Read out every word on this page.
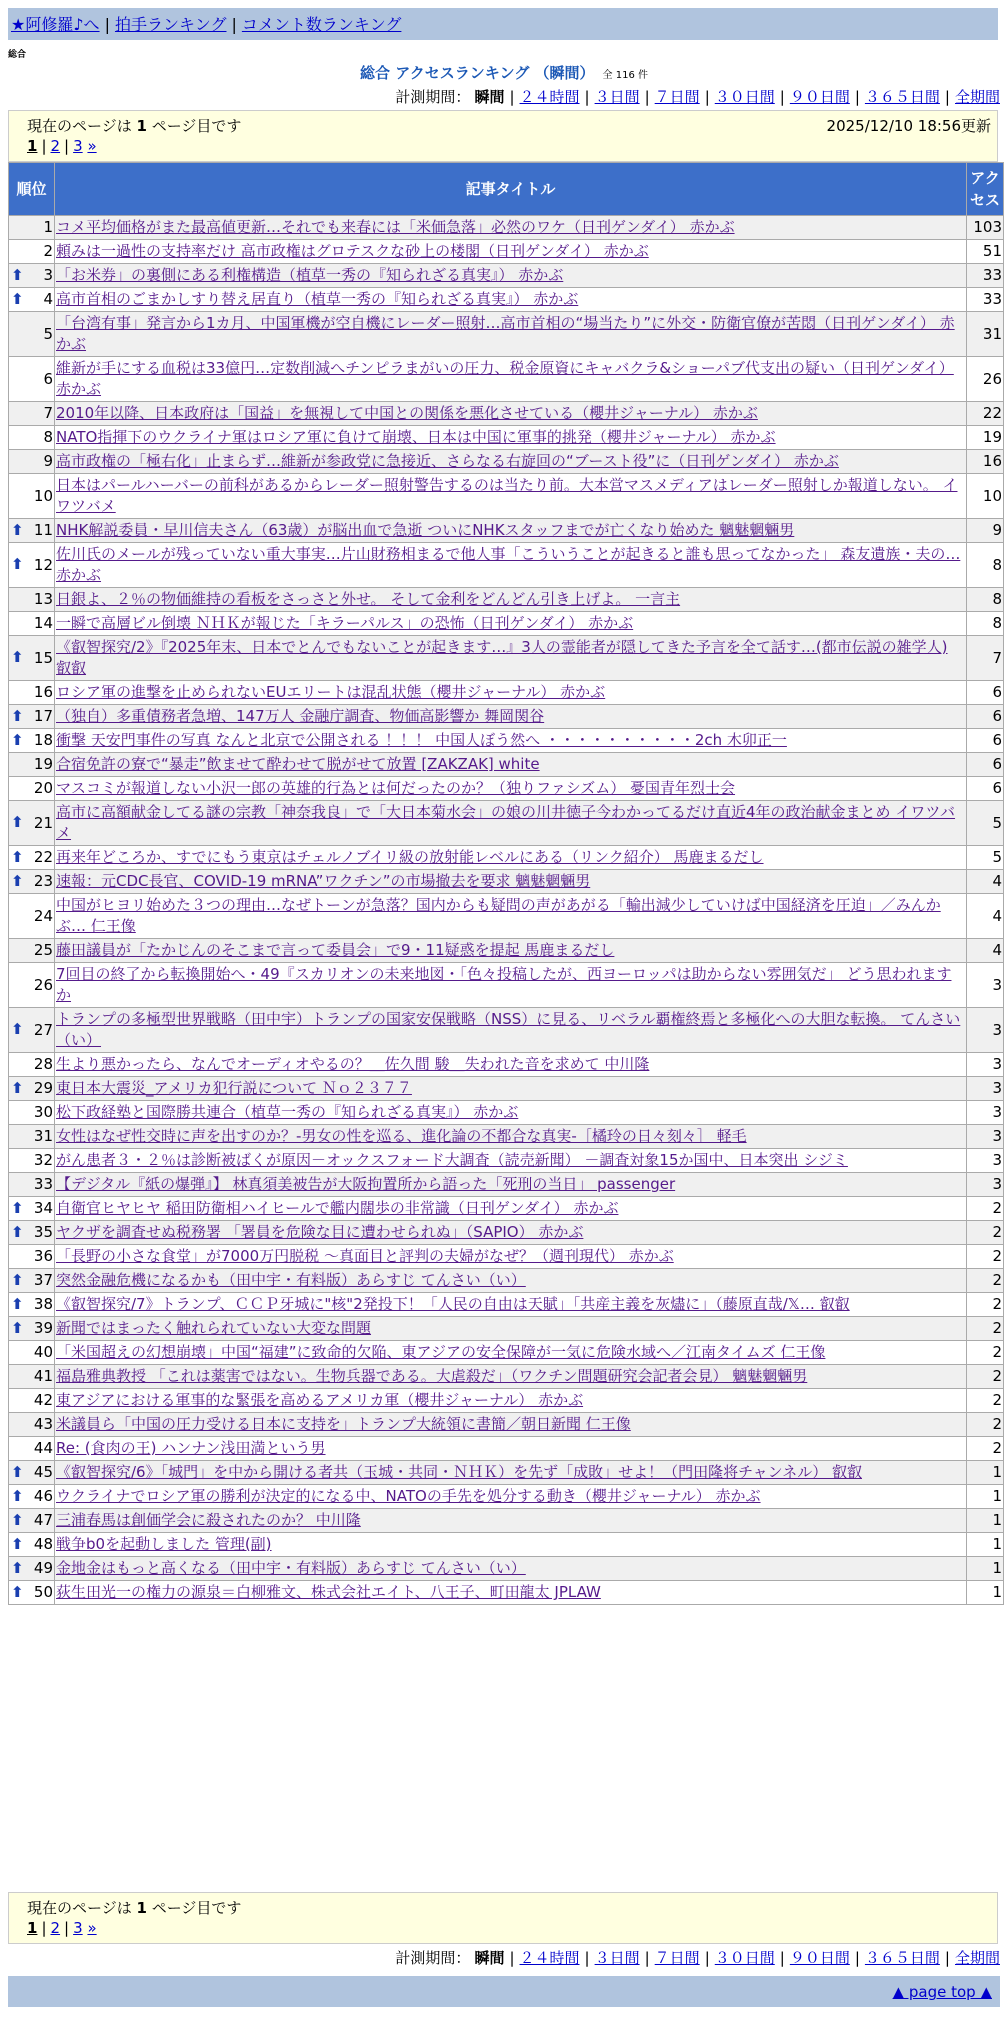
★阿修羅♪へ | 拍手ランキング | コメント数ランキング
総合
総合 アクセスランキング （瞬間） 全 116 件
計測期間： 瞬間 | ２４時間 | ３日間 | ７日間 | ３０日間 | ９０日間 | ３６５日間 | 全期間
現在のページは 1 ページ目です	2025/12/10 18:56更新
1 | 2 | 3 »
順位	記事タイトル	アクセス
1	コメ平均価格がまた最高値更新…それでも来春には「米価急落」必然のワケ（日刊ゲンダイ） 赤かぶ	103
2	頼みは一過性の支持率だけ 高市政権はグロテスクな砂上の楼閣（日刊ゲンダイ） 赤かぶ	51

⬆ 3	「お米券」の裏側にある利権構造（植草一秀の『知られざる真実』） 赤かぶ	33

⬆ 4	高市首相のごまかしすり替え居直り（植草一秀の『知られざる真実』） 赤かぶ	33
5	「台湾有事」発言から1カ月、中国軍機が空自機にレーダー照射…高市首相の“場当たり”に外交・防衛官僚が苦悶（日刊ゲンダイ） 赤かぶ	31
6	維新が手にする血税は33億円…定数削減へチンピラまがいの圧力、税金原資にキャバクラ&ショーパブ代支出の疑い（日刊ゲンダイ） 赤かぶ	26
7	2010年以降、日本政府は「国益」を無視して中国との関係を悪化させている（櫻井ジャーナル） 赤かぶ	22
8	NATO指揮下のウクライナ軍はロシア軍に負けて崩壊、日本は中国に軍事的挑発（櫻井ジャーナル） 赤かぶ	19
9	高市政権の「極右化」止まらず…維新が参政党に急接近、さらなる右旋回の“ブースト役”に（日刊ゲンダイ） 赤かぶ	16
10	日本はパールハーバーの前科があるからレーダー照射警告するのは当たり前。大本営マスメディアはレーダー照射しか報道しない。 イワツバメ	10

⬆ 11	NHK解説委員・早川信夫さん（63歳）が脳出血で急逝 ついにNHKスタッフまでが亡くなり始めた 魑魅魍魎男	9

⬆ 12	佐川氏のメールが残っていない重大事実…片山財務相まるで他人事「こういうことが起きると誰も思ってなかった」 森友遺族・夫の… 赤かぶ	8
13	日銀よ、２％の物価維持の看板をさっさと外せ。 そして金利をどんどん引き上げよ。 一言主	8
14	一瞬で高層ビル倒壊 ＮＨＫが報じた「キラーパルス」の恐怖（日刊ゲンダイ） 赤かぶ	8

⬆ 15	《叡智探究/2》『2025年末、日本でとんでもないことが起きます…』3人の霊能者が隠してきた予言を全て話す…(都市伝説の雑学人) 叡叡	7
16	ロシア軍の進撃を止められないEUエリートは混乱状態（櫻井ジャーナル） 赤かぶ	6

⬆ 17	（独自）多重債務者急増、147万人 金融庁調査、物価高影響か 舞岡関谷	6

⬆ 18	衝撃 天安門事件の写真 なんと北京で公開される ！！！ 中国人ぼう然へ ・・・・・・・・・・2ch 木卯正一	6
19	合宿免許の寮で“暴走”飲ませて酔わせて脱がせて放置 [ZAKZAK] white	6
20	マスコミが報道しない小沢一郎の英雄的行為とは何だったのか？（独りファシズム） 憂国青年烈士会	6

⬆ 21	高市に高額献金してる謎の宗教「神奈我良」で「大日本菊水会」の娘の川井徳子今わかってるだけ直近4年の政治献金まとめ イワツバメ	5

⬆ 22	再来年どころか、すでにもう東京はチェルノブイリ級の放射能レベルにある（リンク紹介） 馬鹿まるだし	5

⬆ 23	速報：元CDC長官、COVID-19 mRNA”ワクチン”の市場撤去を要求 魑魅魍魎男	4
24	中国がヒヨリ始めた３つの理由…なぜトーンが急落？国内からも疑問の声があがる「輸出減少していけば中国経済を圧迫」／みんかぶ… 仁王像	4
25	藤田議員が「たかじんのそこまで言って委員会」で9・11疑惑を提起 馬鹿まるだし	4
26	7回目の終了から転換開始へ・49『スカリオンの未来地図・「色々投稿したが、西ヨーロッパは助からない雰囲気だ」 どう思われますか	3

⬆ 27	トランプの多極型世界戦略（田中宇）トランプの国家安保戦略（NSS）に見る、リベラル覇権終焉と多極化への大胆な転換。 てんさい（い）	3
28	生より悪かったら、なんでオーディオやるの？＿佐久間 駿＿失われた音を求めて 中川隆	3

⬆ 29	東日本大震災_アメリカ犯行説について Ｎｏ２３７７	3
30	松下政経塾と国際勝共連合（植草一秀の『知られざる真実』） 赤かぶ	3
31	女性はなぜ性交時に声を出すのか？-男女の性を巡る、進化論の不都合な真実-［橘玲の日々刻々］ 軽毛	3
32	がん患者３・２％は診断被ばくが原因－オックスフォード大調査（読売新聞） －調査対象15か国中、日本突出 シジミ	3
33	【デジタル『紙の爆弾』】 林真須美被告が大阪拘置所から語った「死刑の当日」 passenger	3

⬆ 34	自衛官ヒヤヒヤ 稲田防衛相ハイヒールで艦内闊歩の非常識（日刊ゲンダイ） 赤かぶ	2

⬆ 35	ヤクザを調査せぬ税務署 「署員を危険な目に遭わせられぬ」（SAPIO） 赤かぶ	2
36	「長野の小さな食堂」が7000万円脱税 ～真面目と評判の夫婦がなぜ？（週刊現代） 赤かぶ	2

⬆ 37	突然金融危機になるかも（田中宇・有料版）あらすじ てんさい（い）	2

⬆ 38	《叡智探究/7》トランプ、ＣＣＰ牙城に"核"2発投下！「人民の自由は天賦」「共産主義を灰燼に」（藤原直哉/𝕏… 叡叡	2

⬆ 39	新聞ではまったく触れられていない大変な問題	2
40	「米国超えの幻想崩壊」中国“福建”に致命的欠陥、東アジアの安全保障が一気に危険水域へ／江南タイムズ 仁王像	2
41	福島雅典教授 「これは薬害ではない。生物兵器である。大虐殺だ」（ワクチン問題研究会記者会見） 魑魅魍魎男	2
42	東アジアにおける軍事的な緊張を高めるアメリカ軍（櫻井ジャーナル） 赤かぶ	2
43	米議員ら「中国の圧力受ける日本に支持を」トランプ大統領に書簡／朝日新聞 仁王像	2
44	Re: (食肉の王) ハンナン浅田満という男	2

⬆ 45	《叡智探究/6》「城門」を中から開ける者共（玉城・共同・ＮＨＫ）を先ず「成敗」せよ！（門田隆将チャンネル） 叡叡	1

⬆ 46	ウクライナでロシア軍の勝利が決定的になる中、NATOの手先を処分する動き（櫻井ジャーナル） 赤かぶ	1

⬆ 47	三浦春馬は創価学会に殺されたのか？ 中川隆	1

⬆ 48	戦争b0を起動しました 管理(副)	1

⬆ 49	金地金はもっと高くなる（田中宇・有料版）あらすじ てんさい（い）	1

⬆ 50	荻生田光一の権力の源泉＝白柳雅文、株式会社エイト、八王子、町田龍太 JPLAW	1
現在のページは 1 ページ目です
1 | 2 | 3 »
計測期間： 瞬間 | ２４時間 | ３日間 | ７日間 | ３０日間 | ９０日間 | ３６５日間 | 全期間
▲ page top ▲
